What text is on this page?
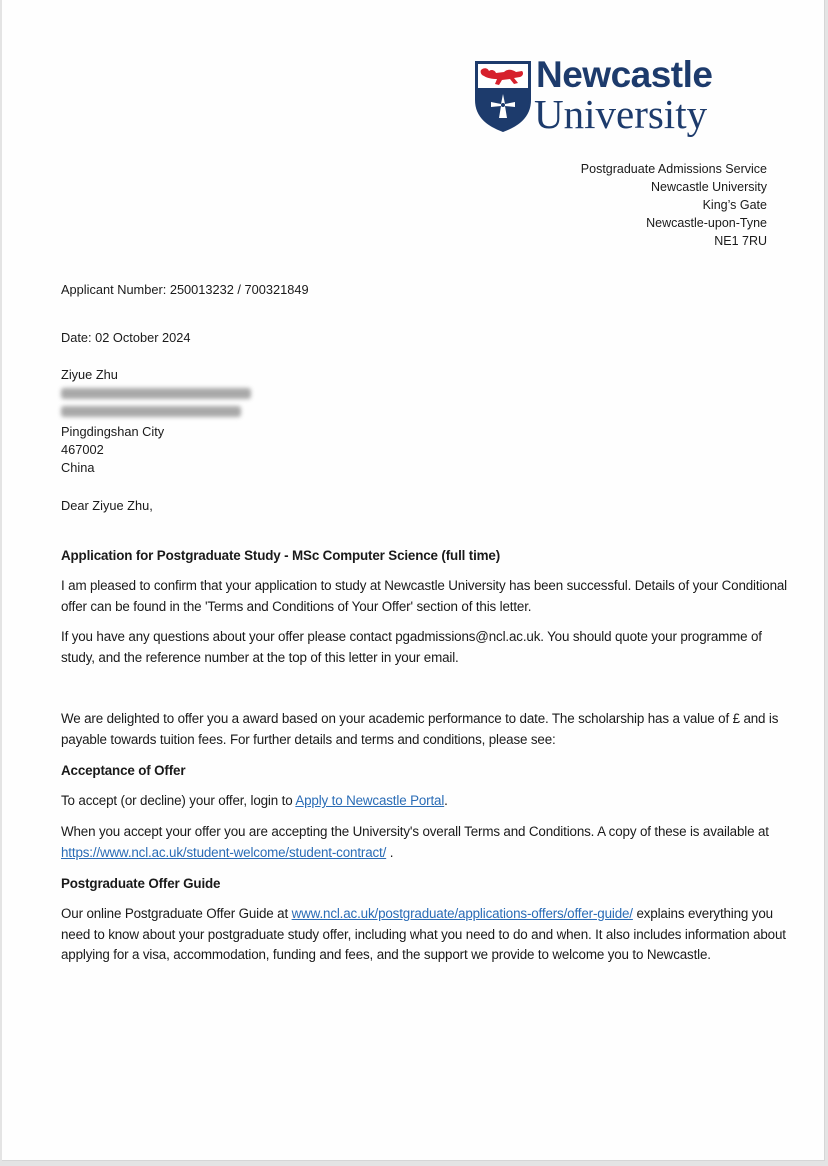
Newcastle
University
Postgraduate Admissions Service
Newcastle University
King’s Gate
Newcastle-upon-Tyne
NE1 7RU
Applicant Number: 250013232 / 700321849
Date: 02 October 2024
Ziyue Zhu
Pingdingshan City
467002
China
Dear Ziyue Zhu,
Application for Postgraduate Study - MSc Computer Science (full time)
I am pleased to confirm that your application to study at Newcastle University has been successful. Details of your Conditional offer can be found in the 'Terms and Conditions of Your Offer' section of this letter.
If you have any questions about your offer please contact pgadmissions@ncl.ac.uk. You should quote your programme of study, and the reference number at the top of this letter in your email.
We are delighted to offer you a award based on your academic performance to date. The scholarship has a value of £ and is payable towards tuition fees. For further details and terms and conditions, please see:
Acceptance of Offer
To accept (or decline) your offer, login to Apply to Newcastle Portal.
When you accept your offer you are accepting the University's overall Terms and Conditions. A copy of these is available at https://www.ncl.ac.uk/student-welcome/student-contract/ .
Postgraduate Offer Guide
Our online Postgraduate Offer Guide at www.ncl.ac.uk/postgraduate/applications-offers/offer-guide/ explains everything you need to know about your postgraduate study offer, including what you need to do and when. It also includes information about applying for a visa, accommodation, funding and fees, and the support we provide to welcome you to Newcastle.
